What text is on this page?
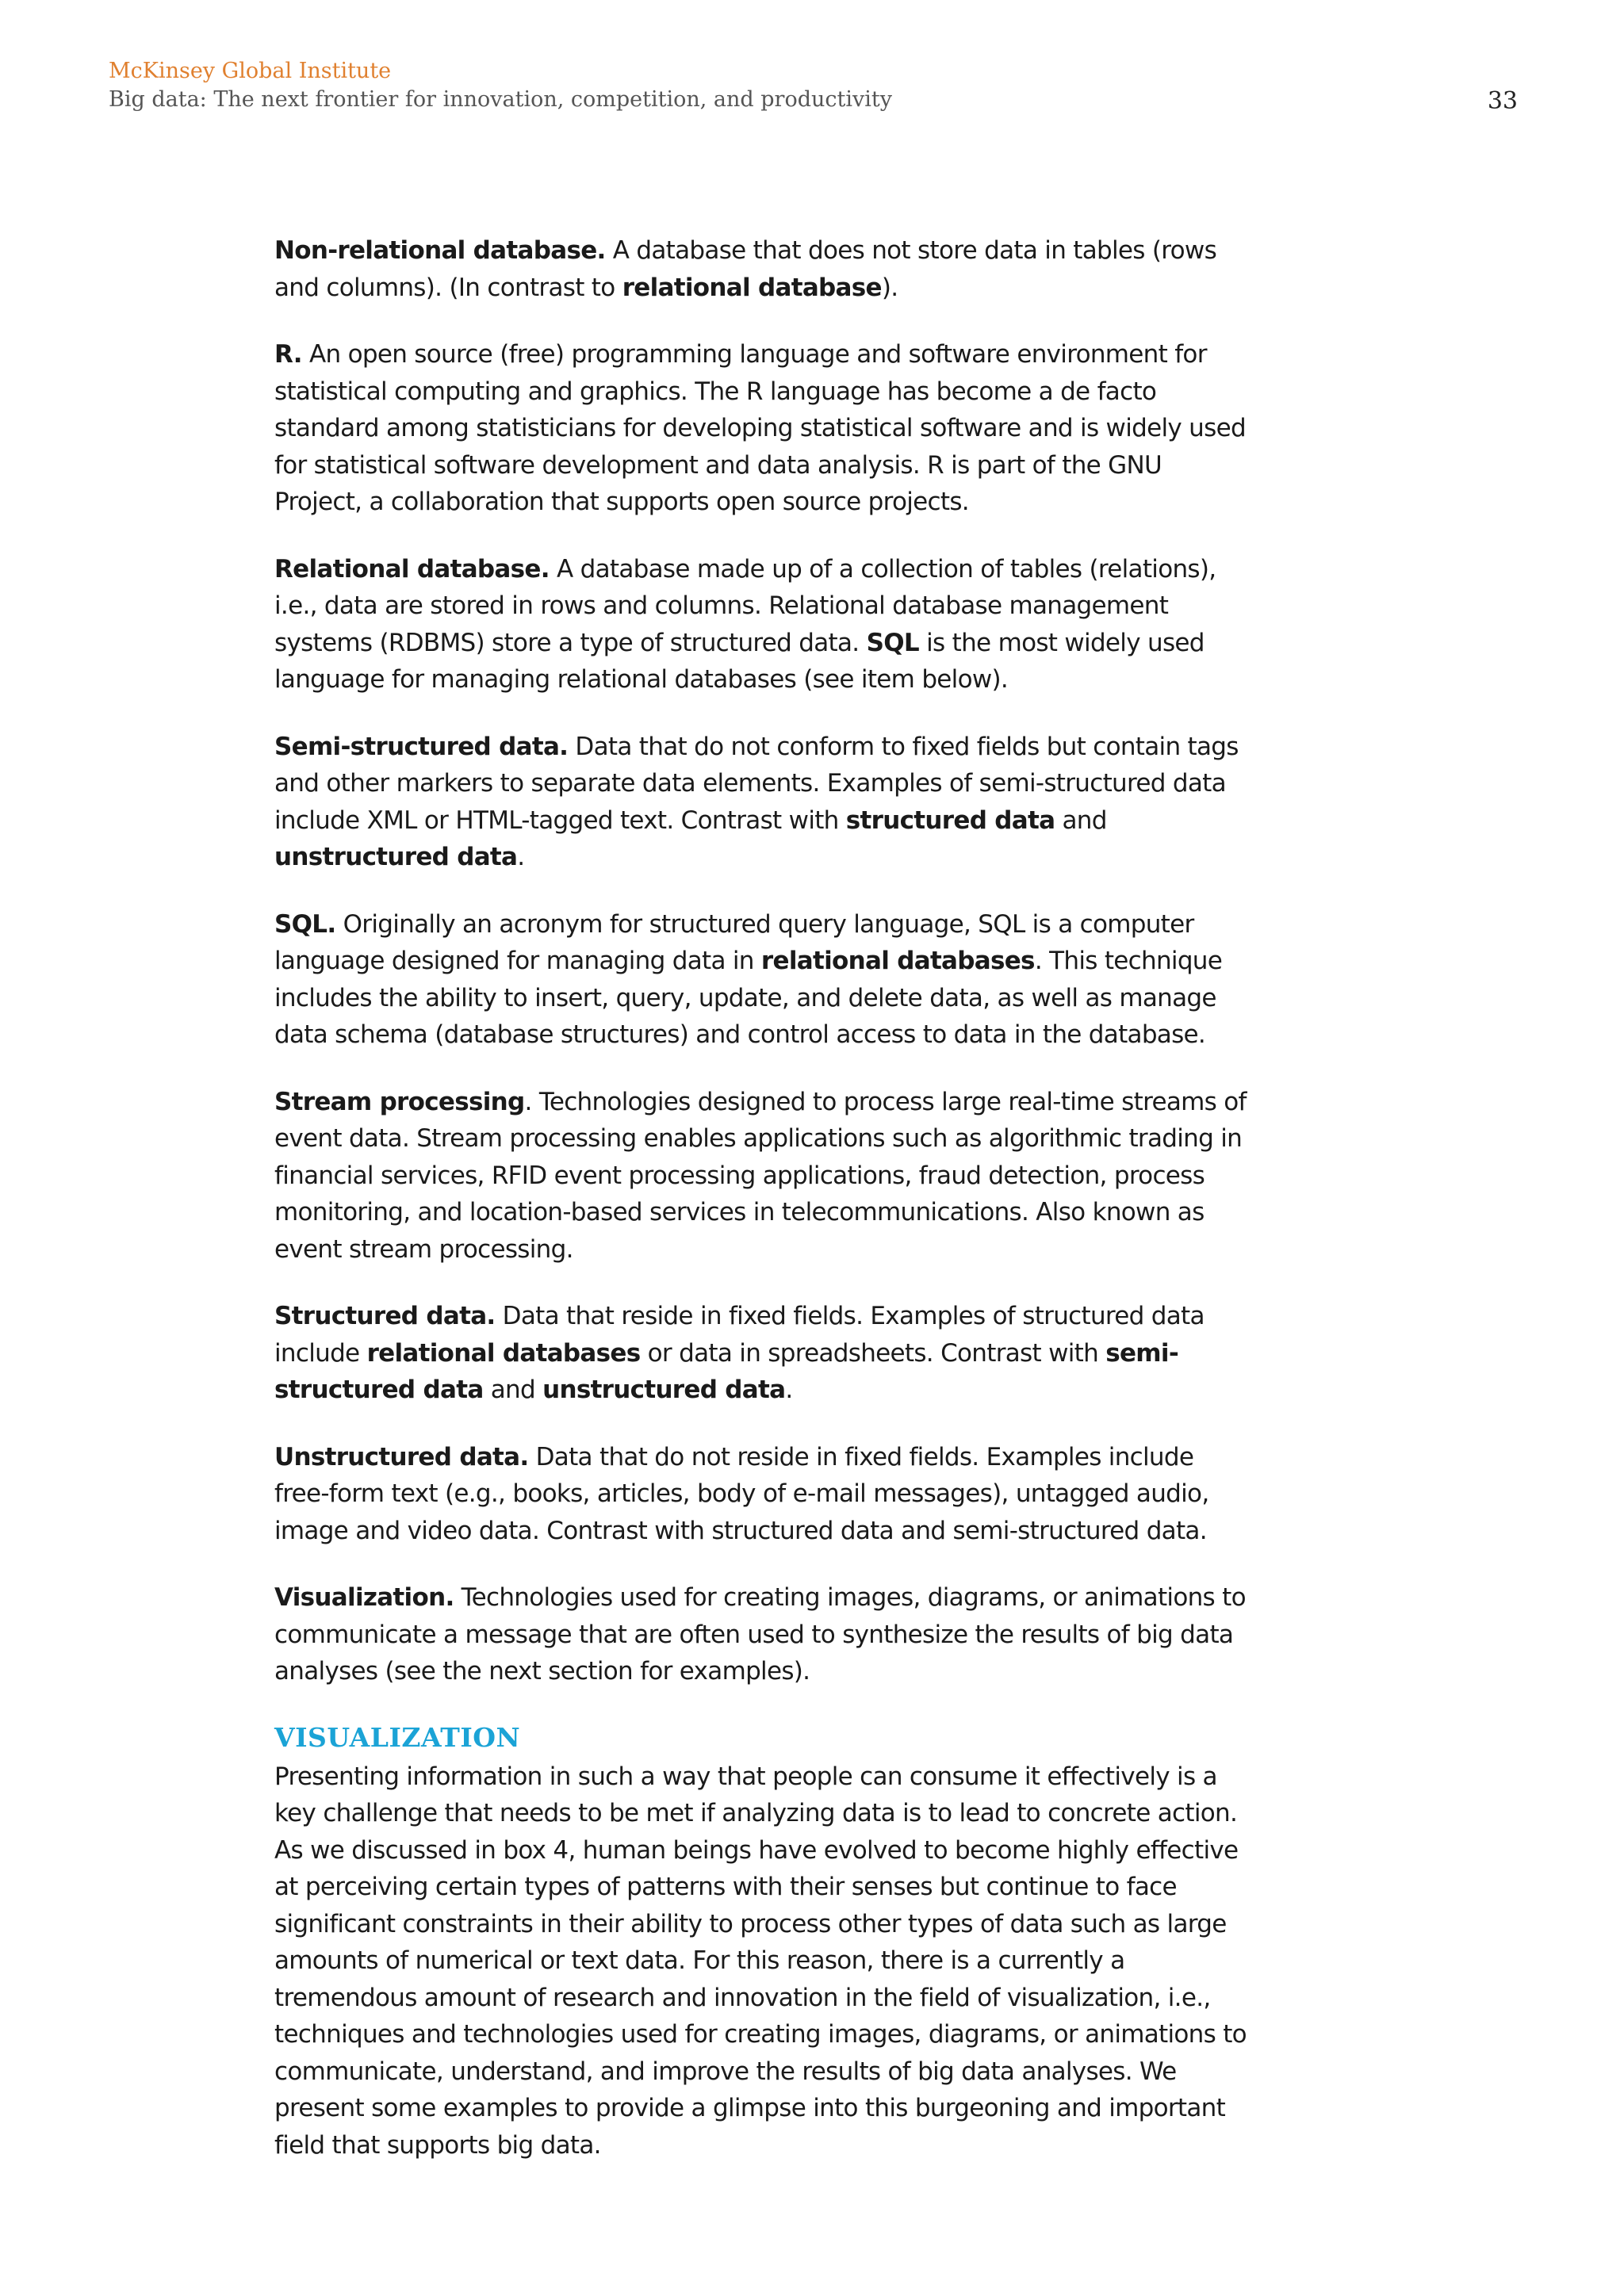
McKinsey Global Institute
Big data: The next frontier for innovation, competition, and productivity	33

Non-relational database. A database that does not store data in tables (rows and columns). (In contrast to relational database).

R. An open source (free) programming language and software environment for statistical computing and graphics. The R language has become a de facto standard among statisticians for developing statistical software and is widely used for statistical software development and data analysis. R is part of the GNU Project, a collaboration that supports open source projects.

Relational database. A database made up of a collection of tables (relations), i.e., data are stored in rows and columns. Relational database management systems (RDBMS) store a type of structured data. SQL is the most widely used language for managing relational databases (see item below).

Semi-structured data. Data that do not conform to fixed fields but contain tags and other markers to separate data elements. Examples of semi-structured data include XML or HTML-tagged text. Contrast with structured data and unstructured data.

SQL. Originally an acronym for structured query language, SQL is a computer language designed for managing data in relational databases. This technique includes the ability to insert, query, update, and delete data, as well as manage data schema (database structures) and control access to data in the database.

Stream processing. Technologies designed to process large real-time streams of event data. Stream processing enables applications such as algorithmic trading in financial services, RFID event processing applications, fraud detection, process monitoring, and location-based services in telecommunications. Also known as event stream processing.

Structured data. Data that reside in fixed fields. Examples of structured data include relational databases or data in spreadsheets. Contrast with semi-structured data and unstructured data.

Unstructured data. Data that do not reside in fixed fields. Examples include free-form text (e.g., books, articles, body of e-mail messages), untagged audio, image and video data. Contrast with structured data and semi-structured data.

Visualization. Technologies used for creating images, diagrams, or animations to communicate a message that are often used to synthesize the results of big data analyses (see the next section for examples).

VISUALIZATION

Presenting information in such a way that people can consume it effectively is a key challenge that needs to be met if analyzing data is to lead to concrete action. As we discussed in box 4, human beings have evolved to become highly effective at perceiving certain types of patterns with their senses but continue to face significant constraints in their ability to process other types of data such as large amounts of numerical or text data. For this reason, there is a currently a tremendous amount of research and innovation in the field of visualization, i.e., techniques and technologies used for creating images, diagrams, or animations to communicate, understand, and improve the results of big data analyses. We present some examples to provide a glimpse into this burgeoning and important field that supports big data.
